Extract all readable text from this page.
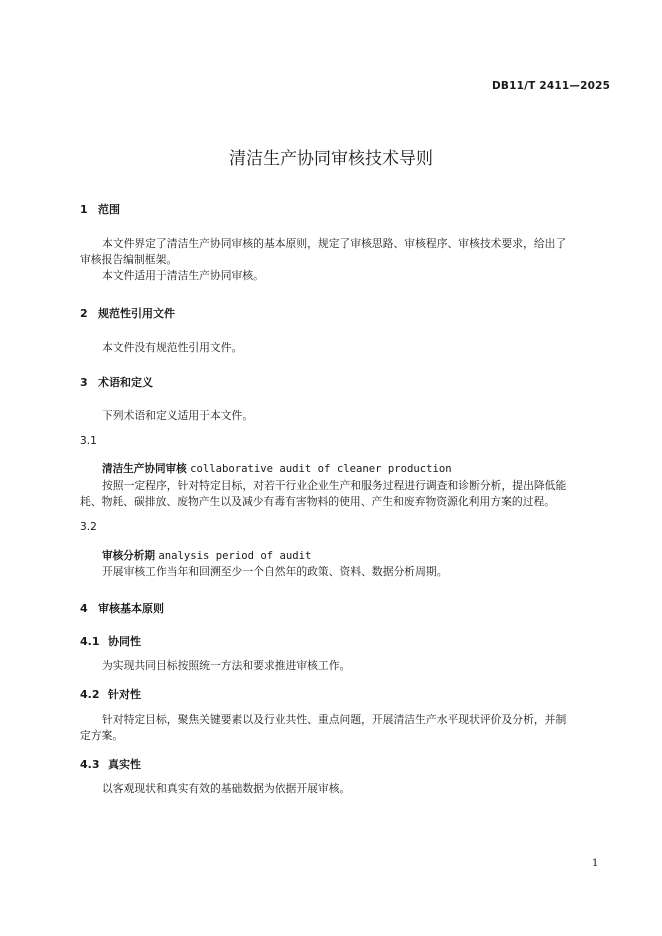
DB11/T 2411—2025
清洁生产协同审核技术导则
1 范围
本文件界定了清洁生产协同审核的基本原则，规定了审核思路、审核程序、审核技术要求，给出了
审核报告编制框架。
本文件适用于清洁生产协同审核。
2 规范性引用文件
本文件没有规范性引用文件。
3 术语和定义
下列术语和定义适用于本文件。
3.1
清洁生产协同审核 collaborative audit of cleaner production
按照一定程序，针对特定目标，对若干行业企业生产和服务过程进行调查和诊断分析，提出降低能
耗、物耗、碳排放、废物产生以及减少有毒有害物料的使用、产生和废弃物资源化利用方案的过程。
3.2
审核分析期 analysis period of audit
开展审核工作当年和回溯至少一个自然年的政策、资料、数据分析周期。
4 审核基本原则
4.1 协同性
为实现共同目标按照统一方法和要求推进审核工作。
4.2 针对性
针对特定目标，聚焦关键要素以及行业共性、重点问题，开展清洁生产水平现状评价及分析，并制
定方案。
4.3 真实性
以客观现状和真实有效的基础数据为依据开展审核。
1
